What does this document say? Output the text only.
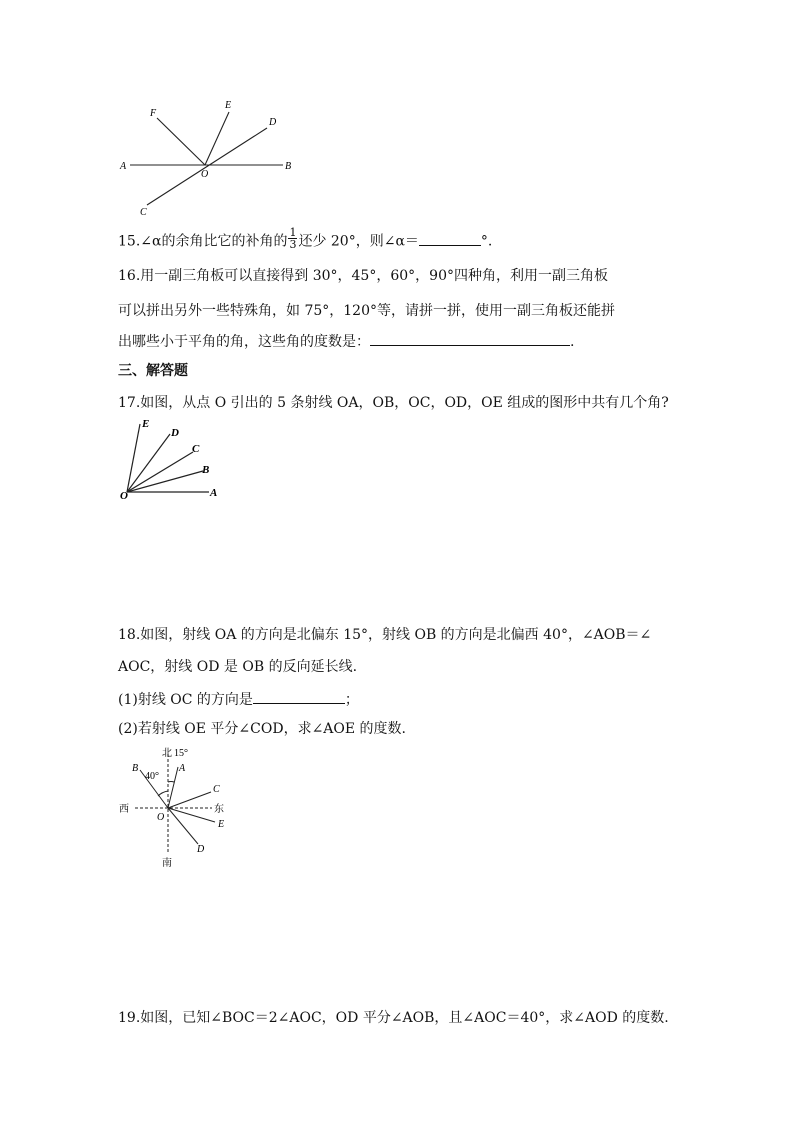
F
E
D
A
O
B
C
15.∠α的余角比它的补角的 $\frac{1}{3}$ 还少 20°，则∠α＝	°.
16.用一副三角板可以直接得到 30°，45°，60°，90°四种角，利用一副三角板
可以拼出另外一些特殊角，如 75°，120°等，请拼一拼，使用一副三角板还能拼
出哪些小于平角的角，这些角的度数是：	.
三、解答题
17.如图，从点 O 引出的 5 条射线 OA，OB，OC，OD，OE 组成的图形中共有几个角?
E
D
C
B
A
O
18.如图，射线 OA 的方向是北偏东 15°，射线 OB 的方向是北偏西 40°，∠AOB＝∠
AOC，射线 OD 是 OB 的反向延长线.
(1)射线 OC 的方向是	；
(2)若射线 OE 平分∠COD，求∠AOE 的度数.
北 15°
A
B
40°
C
西	东
O
E
D
南
19.如图，已知∠BOC＝2∠AOC，OD 平分∠AOB，且∠AOC＝40°，求∠AOD 的度数.
